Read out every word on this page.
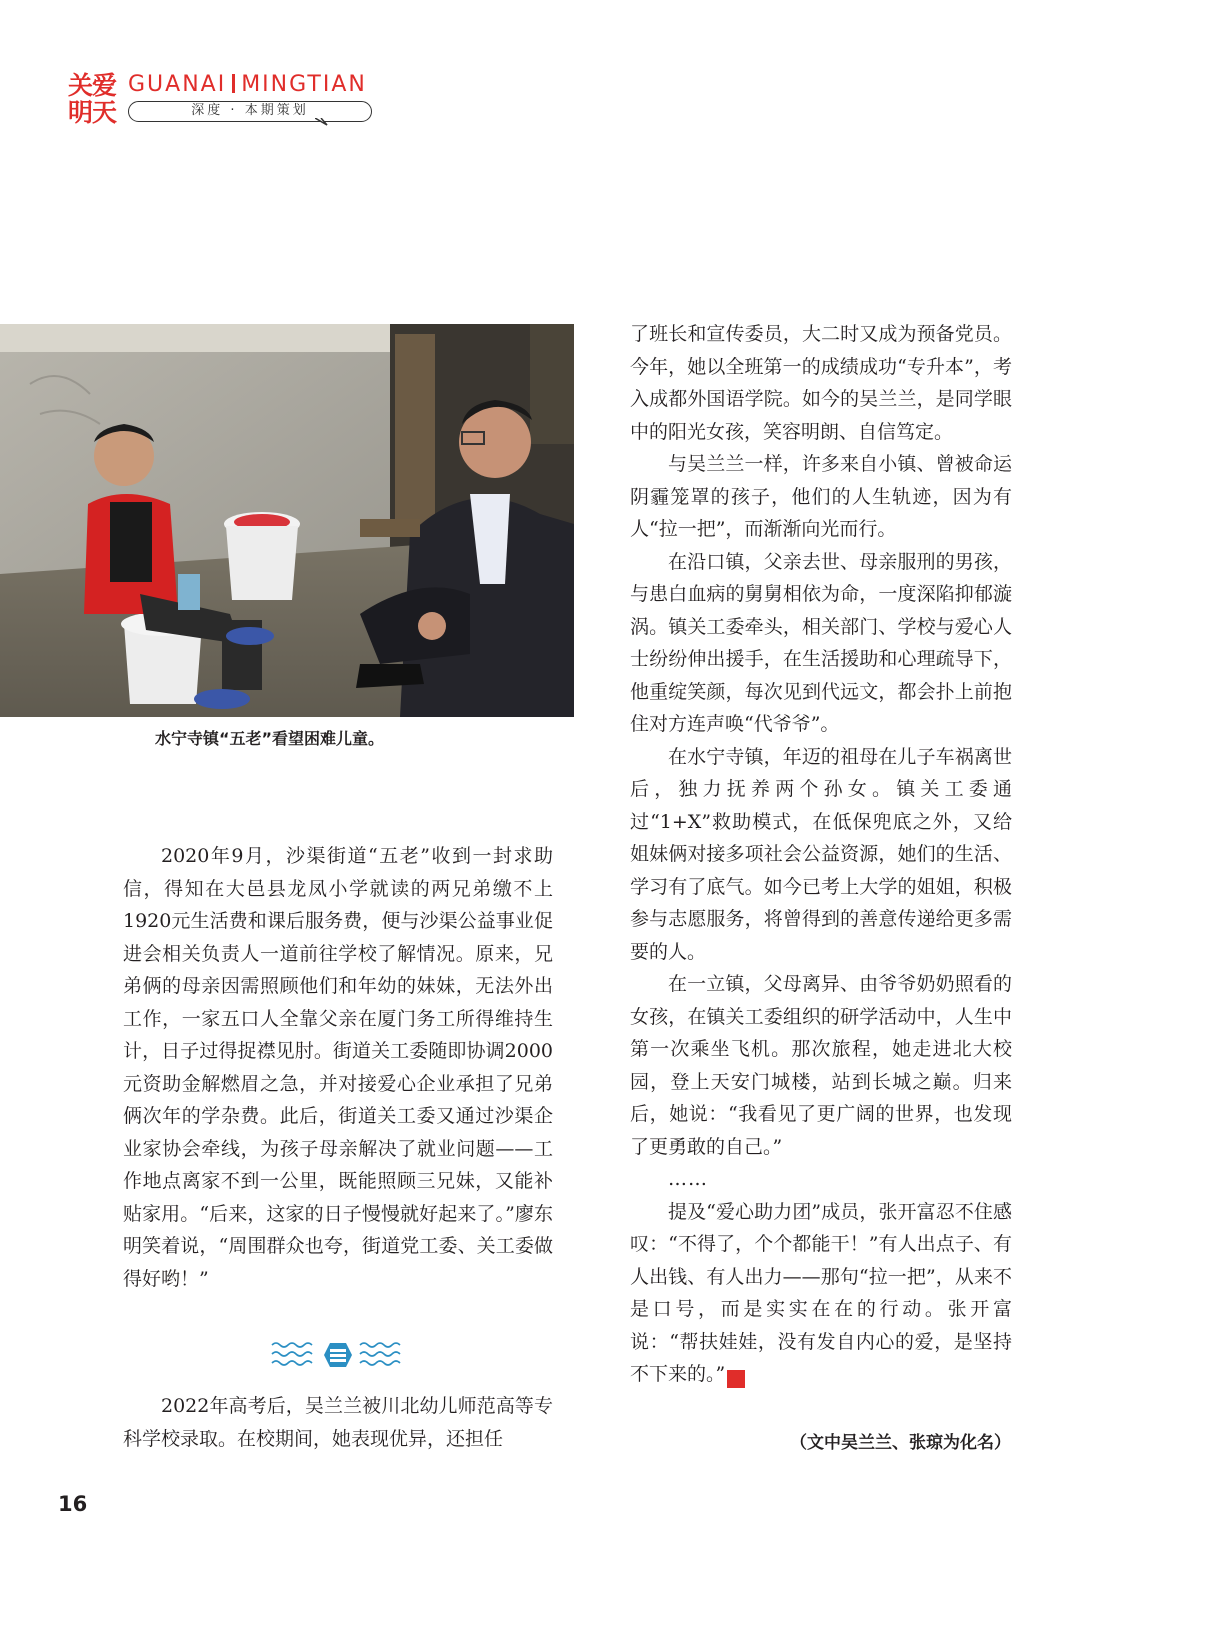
关爱
明天
GUANAI MINGTIAN
深度 · 本期策划
水宁寺镇“五老”看望困难儿童。

2020年9月，沙渠街道“五老”收到一封求助信，得知在大邑县龙凤小学就读的两兄弟缴不上1920元生活费和课后服务费，便与沙渠公益事业促进会相关负责人一道前往学校了解情况。原来，兄弟俩的母亲因需照顾他们和年幼的妹妹，无法外出工作，一家五口人全靠父亲在厦门务工所得维持生计，日子过得捉襟见肘。街道关工委随即协调2000元资助金解燃眉之急，并对接爱心企业承担了兄弟俩次年的学杂费。此后，街道关工委又通过沙渠企业家协会牵线，为孩子母亲解决了就业问题——工作地点离家不到一公里，既能照顾三兄妹，又能补贴家用。“后来，这家的日子慢慢就好起来了。”廖东明笑着说，“周围群众也夸，街道党工委、关工委做得好哟！”

2022年高考后，吴兰兰被川北幼儿师范高等专科学校录取。在校期间，她表现优异，还担任

了班长和宣传委员，大二时又成为预备党员。今年，她以全班第一的成绩成功“专升本”，考入成都外国语学院。如今的吴兰兰，是同学眼中的阳光女孩，笑容明朗、自信笃定。

与吴兰兰一样，许多来自小镇、曾被命运阴霾笼罩的孩子，他们的人生轨迹，因为有人“拉一把”，而渐渐向光而行。

在沿口镇，父亲去世、母亲服刑的男孩，与患白血病的舅舅相依为命，一度深陷抑郁漩涡。镇关工委牵头，相关部门、学校与爱心人士纷纷伸出援手，在生活援助和心理疏导下，他重绽笑颜，每次见到代远文，都会扑上前抱住对方连声唤“代爷爷”。

在水宁寺镇，年迈的祖母在儿子车祸离世后，独力抚养两个孙女。镇关工委通过“1+X”救助模式，在低保兜底之外，又给姐妹俩对接多项社会公益资源，她们的生活、学习有了底气。如今已考上大学的姐姐，积极参与志愿服务，将曾得到的善意传递给更多需要的人。

在一立镇，父母离异、由爷爷奶奶照看的女孩，在镇关工委组织的研学活动中，人生中第一次乘坐飞机。那次旅程，她走进北大校园，登上天安门城楼，站到长城之巅。归来后，她说：“我看见了更广阔的世界，也发现了更勇敢的自己。”

……

提及“爱心助力团”成员，张开富忍不住感叹：“不得了，个个都能干！”有人出点子、有人出钱、有人出力——那句“拉一把”，从来不是口号，而是实实在在的行动。张开富说：“帮扶娃娃，没有发自内心的爱，是坚持不下来的。”	关

（文中吴兰兰、张琼为化名）
16
